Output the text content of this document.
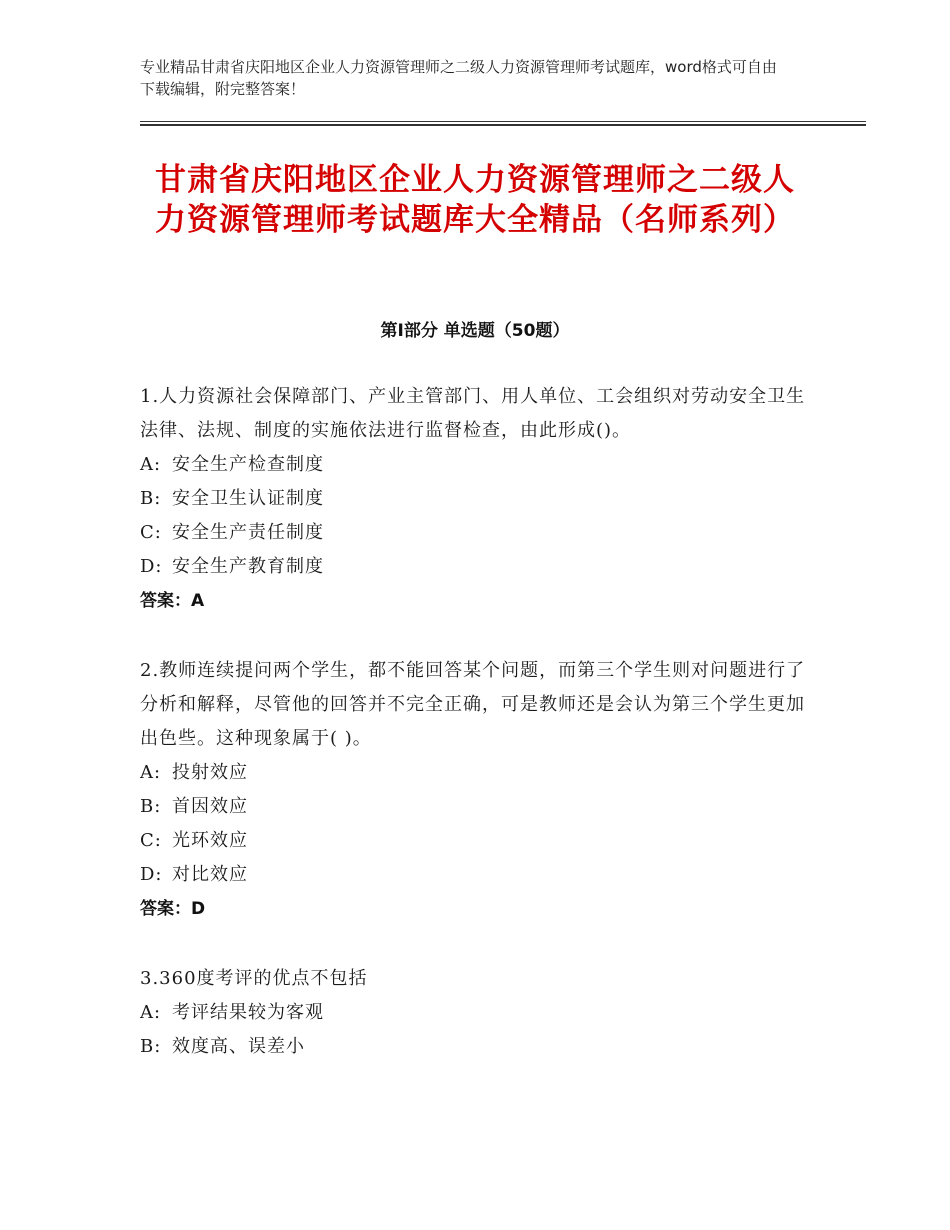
专业精品甘肃省庆阳地区企业人力资源管理师之二级人力资源管理师考试题库，word格式可自由下载编辑，附完整答案！
甘肃省庆阳地区企业人力资源管理师之二级人力资源管理师考试题库大全精品（名师系列）
第Ⅰ部分 单选题（50题）
1.人力资源社会保障部门、产业主管部门、用人单位、工会组织对劳动安全卫生法律、法规、制度的实施依法进行监督检查，由此形成()。
A: 安全生产检查制度
B: 安全卫生认证制度
C: 安全生产责任制度
D: 安全生产教育制度
答案：A
2.教师连续提问两个学生，都不能回答某个问题，而第三个学生则对问题进行了分析和解释，尽管他的回答并不完全正确，可是教师还是会认为第三个学生更加出色些。这种现象属于( )。
A: 投射效应
B: 首因效应
C: 光环效应
D: 对比效应
答案：D
3.360度考评的优点不包括
A: 考评结果较为客观
B: 效度高、误差小
